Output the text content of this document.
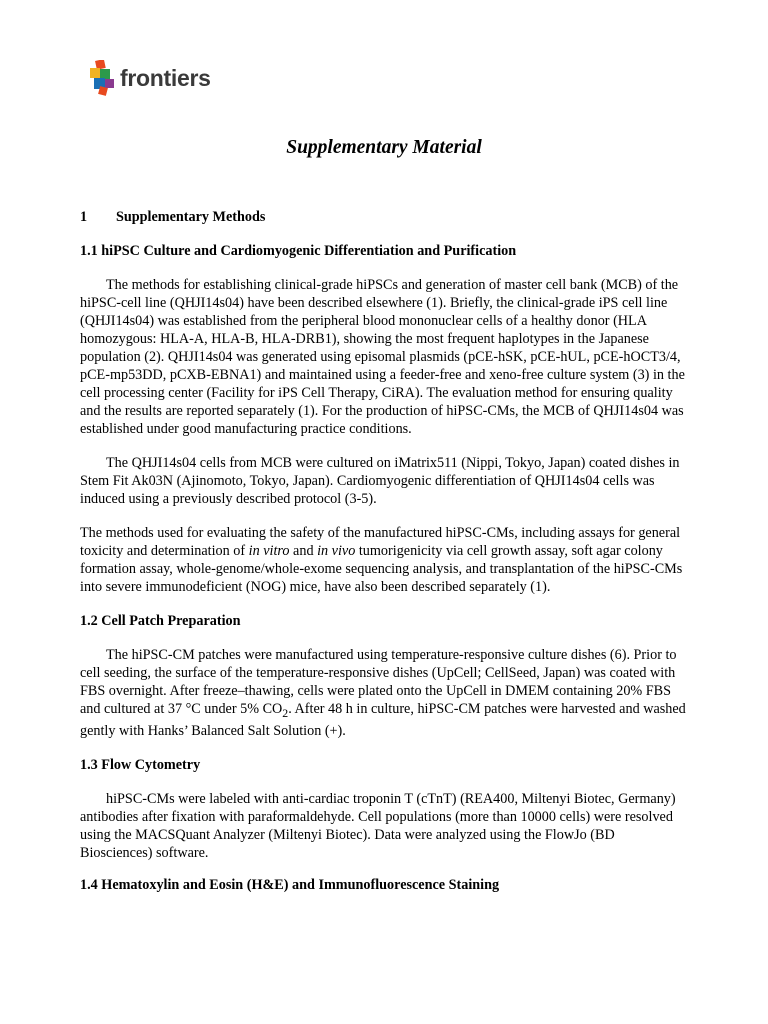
frontiers
Supplementary Material
1	Supplementary Methods
1.1 hiPSC Culture and Cardiomyogenic Differentiation and Purification

The methods for establishing clinical-grade hiPSCs and generation of master cell bank (MCB) of the hiPSC-cell line (QHJI14s04) have been described elsewhere (1). Briefly, the clinical-grade iPS cell line (QHJI14s04) was established from the peripheral blood mononuclear cells of a healthy donor (HLA homozygous: HLA-A, HLA-B, HLA-DRB1), showing the most frequent haplotypes in the Japanese population (2). QHJI14s04 was generated using episomal plasmids (pCE-hSK, pCE-hUL, pCE-hOCT3/4, pCE-mp53DD, pCXB-EBNA1) and maintained using a feeder-free and xeno-free culture system (3) in the cell processing center (Facility for iPS Cell Therapy, CiRA). The evaluation method for ensuring quality and the results are reported separately (1). For the production of hiPSC-CMs, the MCB of QHJI14s04 was established under good manufacturing practice conditions.

The QHJI14s04 cells from MCB were cultured on iMatrix511 (Nippi, Tokyo, Japan) coated dishes in Stem Fit Ak03N (Ajinomoto, Tokyo, Japan). Cardiomyogenic differentiation of QHJI14s04 cells was induced using a previously described protocol (3-5).

The methods used for evaluating the safety of the manufactured hiPSC-CMs, including assays for general toxicity and determination of in vitro and in vivo tumorigenicity via cell growth assay, soft agar colony formation assay, whole-genome/whole-exome sequencing analysis, and transplantation of the hiPSC-CMs into severe immunodeficient (NOG) mice, have also been described separately (1).

1.2 Cell Patch Preparation

The hiPSC-CM patches were manufactured using temperature-responsive culture dishes (6). Prior to cell seeding, the surface of the temperature-responsive dishes (UpCell; CellSeed, Japan) was coated with FBS overnight. After freeze–thawing, cells were plated onto the UpCell in DMEM containing 20% FBS and cultured at 37 °C under 5% $CO_2$. After 48 h in culture, hiPSC-CM patches were harvested and washed gently with Hanks’ Balanced Salt Solution (+).

1.3 Flow Cytometry

hiPSC-CMs were labeled with anti-cardiac troponin T (cTnT) (REA400, Miltenyi Biotec, Germany) antibodies after fixation with paraformaldehyde. Cell populations (more than 10000 cells) were resolved using the MACSQuant Analyzer (Miltenyi Biotec). Data were analyzed using the FlowJo (BD Biosciences) software.

1.4 Hematoxylin and Eosin (H&E) and Immunofluorescence Staining
